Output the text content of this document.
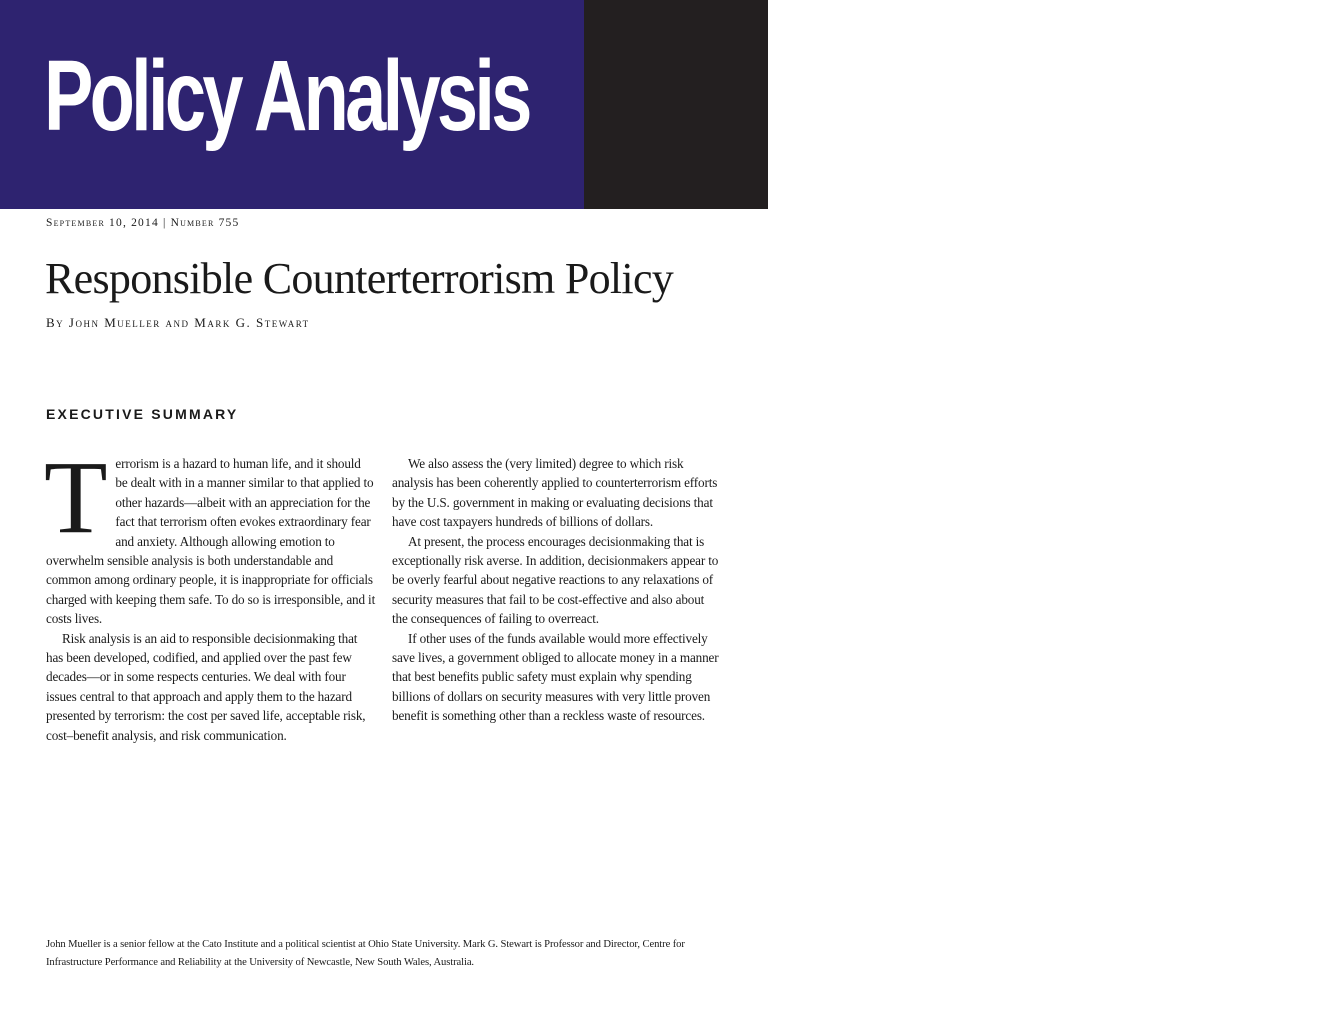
Policy Analysis	CATO
INSTITUTE
September 10, 2014 | Number 755
Responsible Counterterrorism Policy
By John Mueller and Mark G. Stewart
EXECUTIVE SUMMARY

Terrorism is a hazard to human life, and it should be dealt with in a manner similar to that applied to other hazards—albeit with an appreciation for the fact that terrorism often evokes extraordinary fear and anxiety. Although allowing emotion to overwhelm sensible analysis is both understandable and common among ordinary people, it is inappropriate for officials charged with keeping them safe. To do so is irresponsible, and it costs lives.

Risk analysis is an aid to responsible decisionmaking that has been developed, codified, and applied over the past few decades—or in some respects centuries. We deal with four issues central to that approach and apply them to the hazard presented by terrorism: the cost per saved life, acceptable risk, cost–benefit analysis, and risk communication.

We also assess the (very limited) degree to which risk analysis has been coherently applied to counterterrorism efforts by the U.S. government in making or evaluating decisions that have cost taxpayers hundreds of billions of dollars.

At present, the process encourages decisionmaking that is exceptionally risk averse. In addition, decisionmakers appear to be overly fearful about negative reactions to any relaxations of security measures that fail to be cost-effective and also about the consequences of failing to overreact.

If other uses of the funds available would more effectively save lives, a government obliged to allocate money in a manner that best benefits public safety must explain why spending billions of dollars on security measures with very little proven benefit is something other than a reckless waste of resources.

John Mueller is a senior fellow at the Cato Institute and a political scientist at Ohio State University. Mark G. Stewart is Professor and Director, Centre for Infrastructure Performance and Reliability at the University of Newcastle, New South Wales, Australia.
